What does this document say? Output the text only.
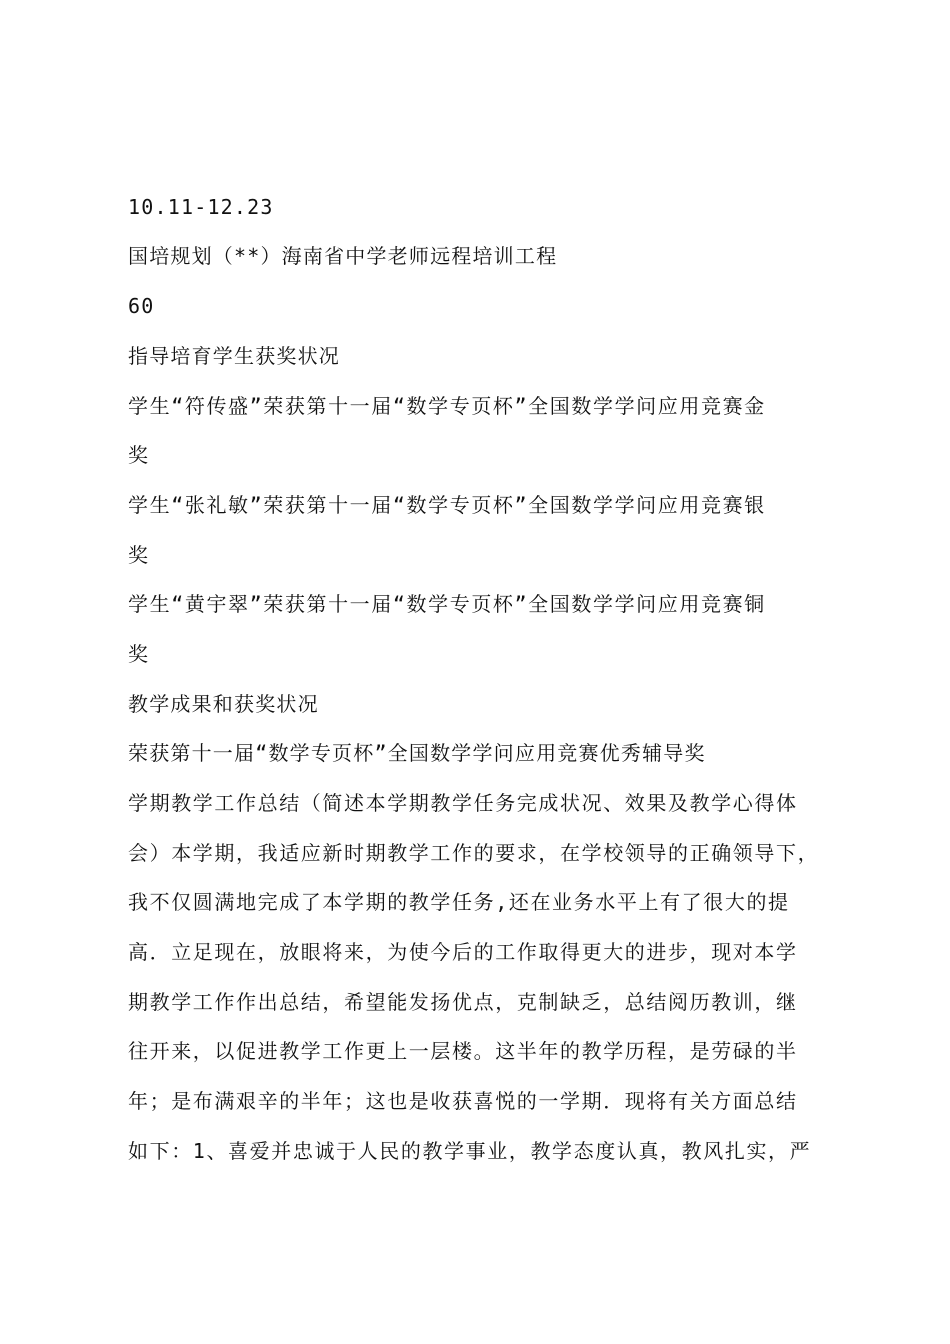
10.11-12.23
国培规划（**）海南省中学老师远程培训工程
60
指导培育学生获奖状况
学生“符传盛”荣获第十一届“数学专页杯”全国数学学问应用竞赛金
奖
学生“张礼敏”荣获第十一届“数学专页杯”全国数学学问应用竞赛银
奖
学生“黄宇翠”荣获第十一届“数学专页杯”全国数学学问应用竞赛铜
奖
教学成果和获奖状况
荣获第十一届“数学专页杯”全国数学学问应用竞赛优秀辅导奖
学期教学工作总结（简述本学期教学任务完成状况、效果及教学心得体
会）本学期，我适应新时期教学工作的要求，在学校领导的正确领导下，
我不仅圆满地完成了本学期的教学任务,还在业务水平上有了很大的提
高．立足现在，放眼将来，为使今后的工作取得更大的进步，现对本学
期教学工作作出总结，希望能发扬优点，克制缺乏，总结阅历教训，继
往开来，以促进教学工作更上一层楼。这半年的教学历程，是劳碌的半
年；是布满艰辛的半年；这也是收获喜悦的一学期．现将有关方面总结
如下：1、喜爱并忠诚于人民的教学事业，教学态度认真，教风扎实，严
